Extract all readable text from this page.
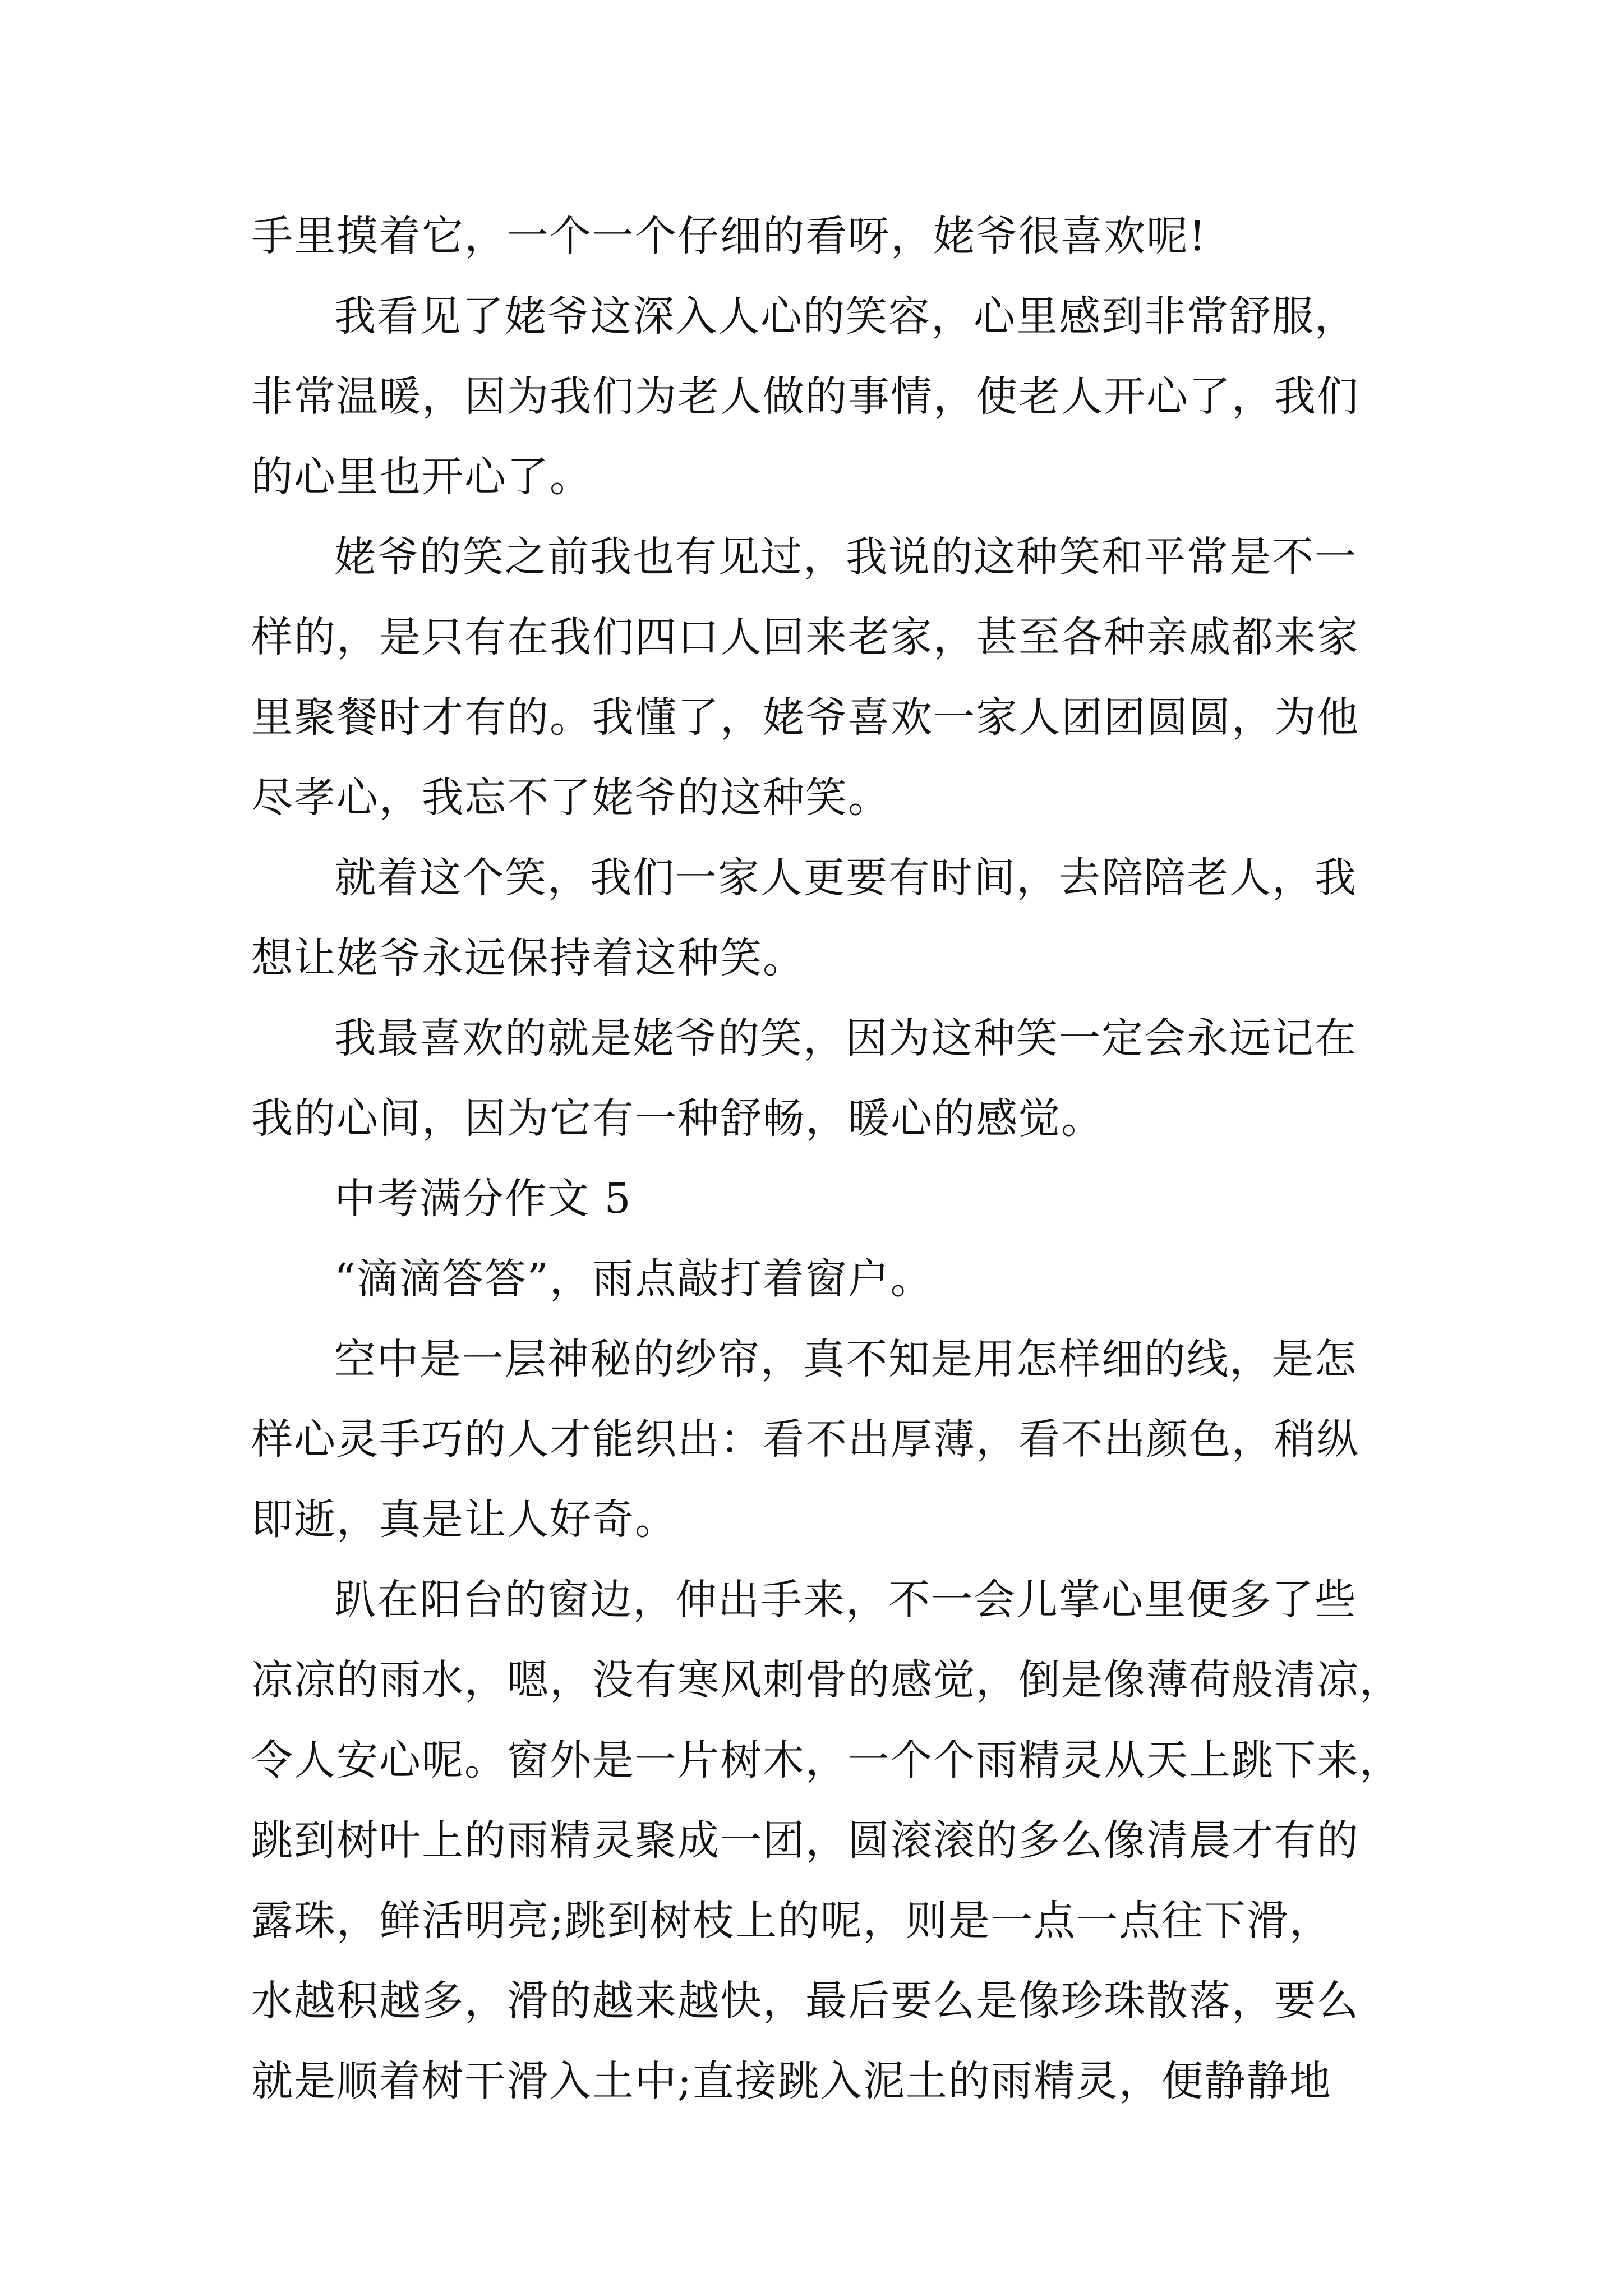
手里摸着它，一个一个仔细的看呀，姥爷很喜欢呢!
我看见了姥爷这深入人心的笑容，心里感到非常舒服，
非常温暖，因为我们为老人做的事情，使老人开心了，我们
的心里也开心了。
姥爷的笑之前我也有见过，我说的这种笑和平常是不一
样的，是只有在我们四口人回来老家，甚至各种亲戚都来家
里聚餐时才有的。我懂了，姥爷喜欢一家人团团圆圆，为他
尽孝心，我忘不了姥爷的这种笑。
就着这个笑，我们一家人更要有时间，去陪陪老人，我
想让姥爷永远保持着这种笑。
我最喜欢的就是姥爷的笑，因为这种笑一定会永远记在
我的心间，因为它有一种舒畅，暖心的感觉。
中考满分作文 5
“滴滴答答”，雨点敲打着窗户。
空中是一层神秘的纱帘，真不知是用怎样细的线，是怎
样心灵手巧的人才能织出：看不出厚薄，看不出颜色，稍纵
即逝，真是让人好奇。
趴在阳台的窗边，伸出手来，不一会儿掌心里便多了些
凉凉的雨水，嗯，没有寒风刺骨的感觉，倒是像薄荷般清凉，
令人安心呢。窗外是一片树木，一个个雨精灵从天上跳下来，
跳到树叶上的雨精灵聚成一团，圆滚滚的多么像清晨才有的
露珠，鲜活明亮;跳到树枝上的呢，则是一点一点往下滑，
水越积越多，滑的越来越快，最后要么是像珍珠散落，要么
就是顺着树干滑入土中;直接跳入泥土的雨精灵，便静静地
